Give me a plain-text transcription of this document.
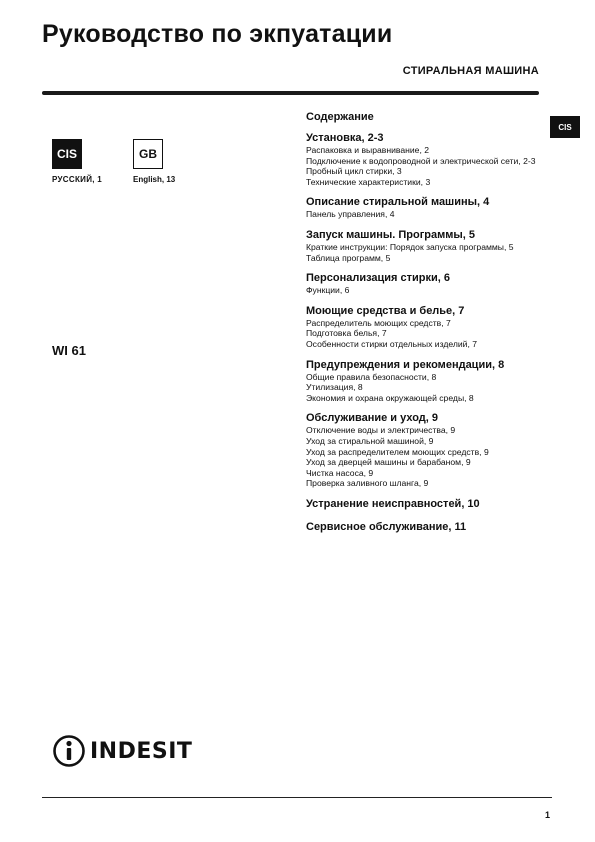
Руководство по экпуатации
СТИРАЛЬНАЯ МАШИНА
CIS	GB
РУССКИЙ, 1	English, 13
WI 61
CIS
Содержание
Установка, 2-3
Распаковка и выравнивание, 2
Подключение к водопроводной и электрической сети, 2-3
Пробный цикл стирки, 3
Технические характеристики, 3
Описание стиральной машины, 4
Панель управления, 4
Запуск машины. Программы, 5
Краткие инструкции: Порядок запуска программы, 5
Таблица программ, 5
Персонализация стирки, 6
Функции, 6
Моющие средства и белье, 7
Распределитель моющих средств, 7
Подготовка белья, 7
Особенности стирки отдельных изделий, 7
Предупреждения и рекомендации, 8
Общие правила безопасности, 8
Утилизация, 8
Экономия и охрана окружающей среды, 8
Обслуживание и уход, 9
Отключение воды и электричества, 9
Уход за стиральной машиной, 9
Уход за распределителем моющих средств, 9
Уход за дверцей машины и барабаном, 9
Чистка насоса, 9
Проверка заливного шланга, 9
Устранение неисправностей, 10
Сервисное обслуживание, 11
INDESIT
1
